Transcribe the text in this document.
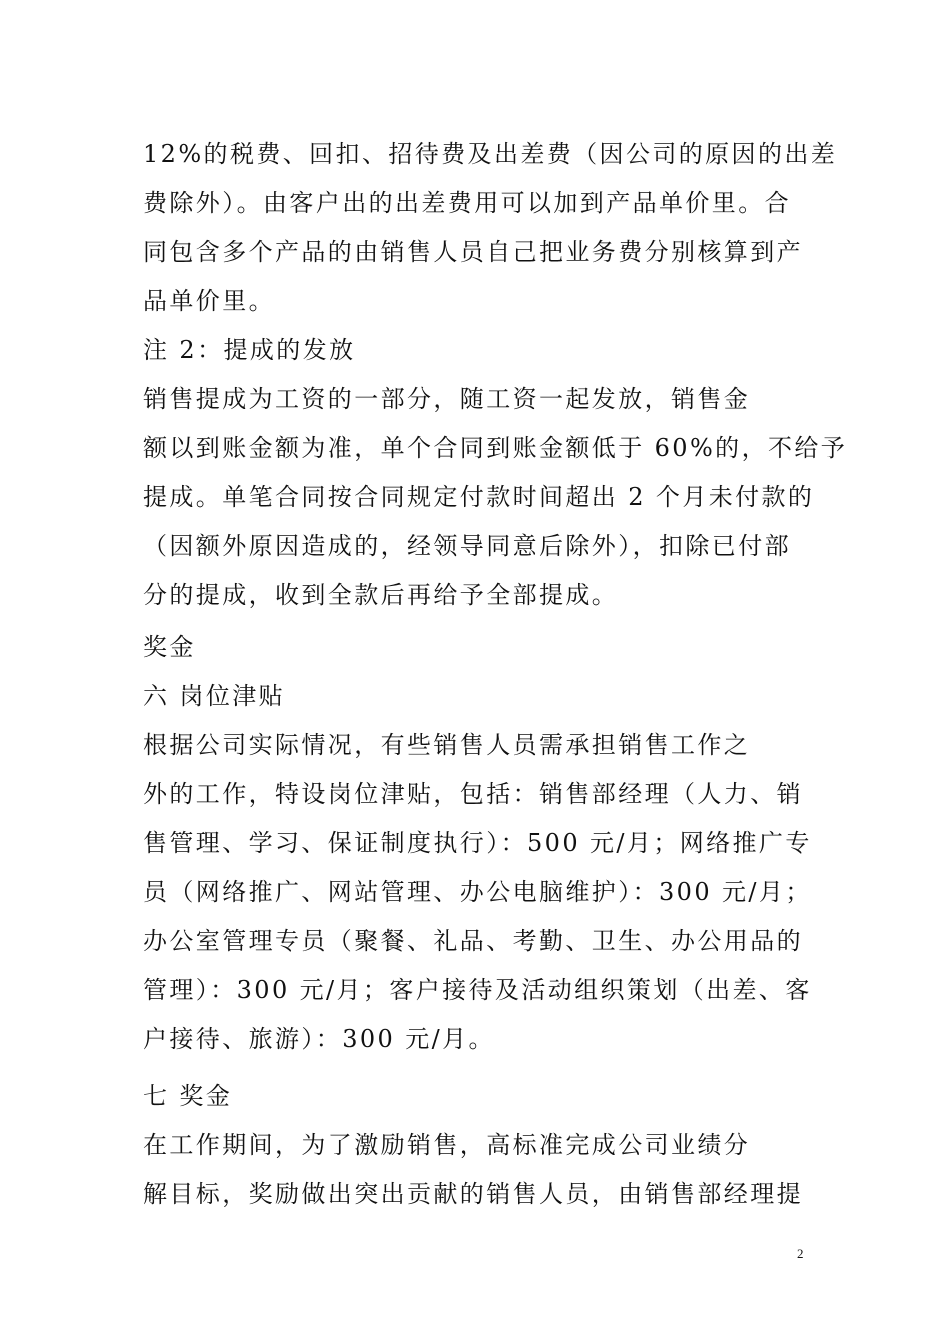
12%的税费、回扣、招待费及出差费（因公司的原因的出差
费除外）。由客户出的出差费用可以加到产品单价里。合
同包含多个产品的由销售人员自己把业务费分别核算到产
品单价里。
注 2：提成的发放
销售提成为工资的一部分，随工资一起发放，销售金
额以到账金额为准，单个合同到账金额低于 60%的，不给予
提成。单笔合同按合同规定付款时间超出 2 个月未付款的
（因额外原因造成的，经领导同意后除外），扣除已付部
分的提成，收到全款后再给予全部提成。
奖金
六 岗位津贴
根据公司实际情况，有些销售人员需承担销售工作之
外的工作，特设岗位津贴，包括：销售部经理（人力、销
售管理、学习、保证制度执行）：500 元/月；网络推广专
员（网络推广、网站管理、办公电脑维护）：300 元/月；
办公室管理专员（聚餐、礼品、考勤、卫生、办公用品的
管理）：300 元/月；客户接待及活动组织策划（出差、客
户接待、旅游）：300 元/月。
七 奖金
在工作期间，为了激励销售，高标准完成公司业绩分
解目标，奖励做出突出贡献的销售人员，由销售部经理提
2
